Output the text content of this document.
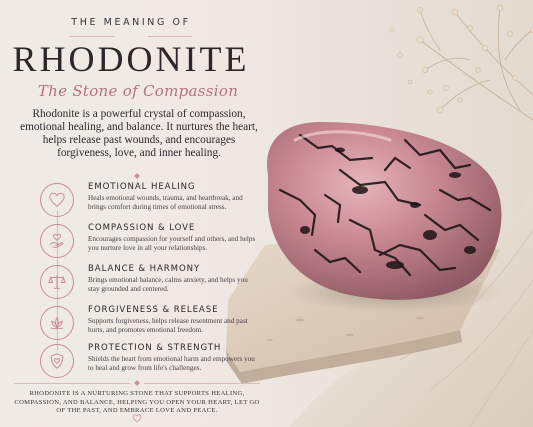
THE MEANING OF
RHODONITE
The Stone of Compassion
Rhodonite is a powerful crystal of compassion, emotional healing, and balance. It nurtures the heart, helps release past wounds, and encourages forgiveness, love, and inner healing.
EMOTIONAL HEALING
Heals emotional wounds, trauma, and heartbreak, and brings comfort during times of emotional stress.
COMPASSION & LOVE
Encourages compassion for yourself and others, and helps you nurture love in all your relationships.
BALANCE & HARMONY
Brings emotional balance, calms anxiety, and helps you stay grounded and centered.
FORGIVENESS & RELEASE
Supports forgiveness, helps release resentment and past hurts, and promotes emotional freedom.
PROTECTION & STRENGTH
Shields the heart from emotional harm and empowers you to heal and grow from life's challenges.
RHODONITE IS A NURTURING STONE THAT SUPPORTS HEALING, COMPASSION, AND BALANCE, HELPING YOU OPEN YOUR HEART, LET GO OF THE PAST, AND EMBRACE LOVE AND PEACE.
